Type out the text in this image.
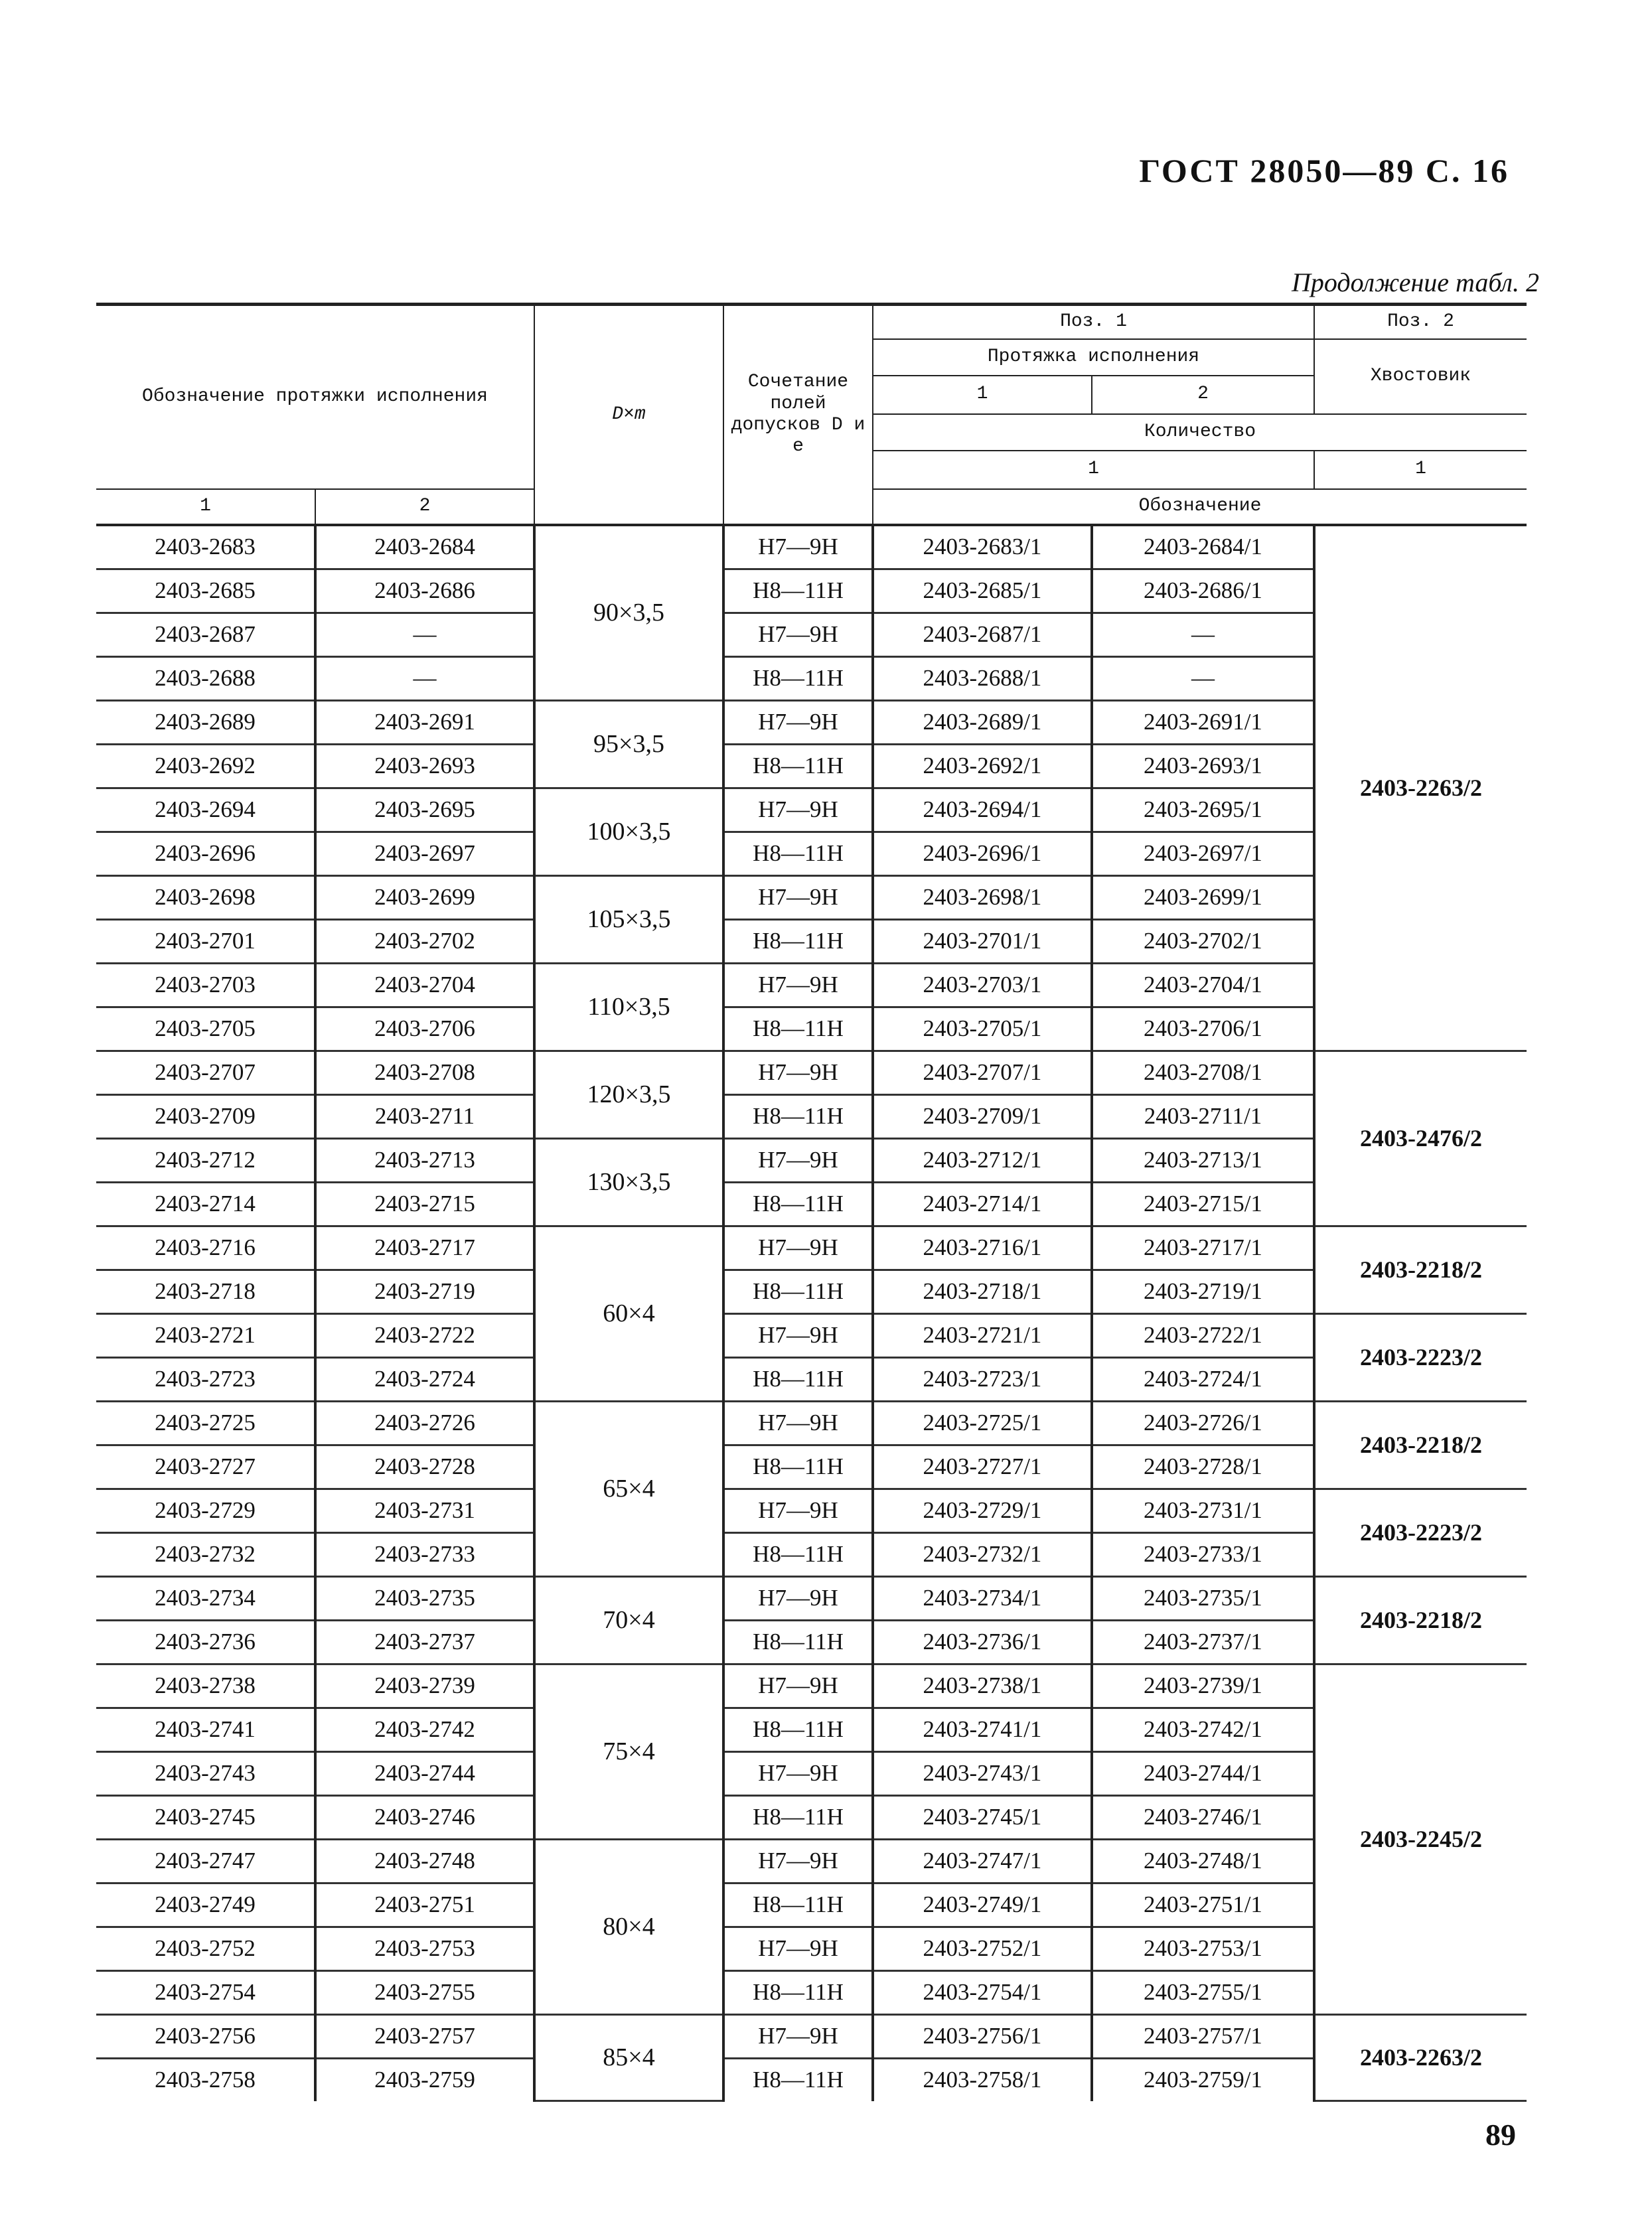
ГОСТ 28050—89 С. 16
Продолжение табл. 2
Обозначение протяжки исполнения		D×m	Сочетание полей допусков D и e	Поз. 1		Поз. 2
				Протяжка исполнения		Хвостовик
				1	2	
				Количество		
				1		1
1	2			Обозначение		
2403-2683	2403-2684	90×3,5	H7—9H	2403-2683/1	2403-2684/1	2403-2263/2
2403-2685	2403-2686		H8—11H	2403-2685/1	2403-2686/1	
2403-2687	—		H7—9H	2403-2687/1	—	
2403-2688	—		H8—11H	2403-2688/1	—	
2403-2689	2403-2691	95×3,5	H7—9H	2403-2689/1	2403-2691/1	
2403-2692	2403-2693		H8—11H	2403-2692/1	2403-2693/1	
2403-2694	2403-2695	100×3,5	H7—9H	2403-2694/1	2403-2695/1	
2403-2696	2403-2697		H8—11H	2403-2696/1	2403-2697/1	
2403-2698	2403-2699	105×3,5	H7—9H	2403-2698/1	2403-2699/1	
2403-2701	2403-2702		H8—11H	2403-2701/1	2403-2702/1	
2403-2703	2403-2704	110×3,5	H7—9H	2403-2703/1	2403-2704/1	
2403-2705	2403-2706		H8—11H	2403-2705/1	2403-2706/1	
2403-2707	2403-2708	120×3,5	H7—9H	2403-2707/1	2403-2708/1	2403-2476/2
2403-2709	2403-2711		H8—11H	2403-2709/1	2403-2711/1	
2403-2712	2403-2713	130×3,5	H7—9H	2403-2712/1	2403-2713/1	
2403-2714	2403-2715		H8—11H	2403-2714/1	2403-2715/1	
2403-2716	2403-2717	60×4	H7—9H	2403-2716/1	2403-2717/1	2403-2218/2
2403-2718	2403-2719		H8—11H	2403-2718/1	2403-2719/1	
2403-2721	2403-2722		H7—9H	2403-2721/1	2403-2722/1	2403-2223/2
2403-2723	2403-2724		H8—11H	2403-2723/1	2403-2724/1	
2403-2725	2403-2726	65×4	H7—9H	2403-2725/1	2403-2726/1	2403-2218/2
2403-2727	2403-2728		H8—11H	2403-2727/1	2403-2728/1	
2403-2729	2403-2731		H7—9H	2403-2729/1	2403-2731/1	2403-2223/2
2403-2732	2403-2733		H8—11H	2403-2732/1	2403-2733/1	
2403-2734	2403-2735	70×4	H7—9H	2403-2734/1	2403-2735/1	2403-2218/2
2403-2736	2403-2737		H8—11H	2403-2736/1	2403-2737/1	
2403-2738	2403-2739	75×4	H7—9H	2403-2738/1	2403-2739/1	2403-2245/2
2403-2741	2403-2742		H8—11H	2403-2741/1	2403-2742/1	
2403-2743	2403-2744		H7—9H	2403-2743/1	2403-2744/1	
2403-2745	2403-2746		H8—11H	2403-2745/1	2403-2746/1	
2403-2747	2403-2748	80×4	H7—9H	2403-2747/1	2403-2748/1	
2403-2749	2403-2751		H8—11H	2403-2749/1	2403-2751/1	
2403-2752	2403-2753		H7—9H	2403-2752/1	2403-2753/1	
2403-2754	2403-2755		H8—11H	2403-2754/1	2403-2755/1	
2403-2756	2403-2757	85×4	H7—9H	2403-2756/1	2403-2757/1	2403-2263/2
2403-2758	2403-2759		H8—11H	2403-2758/1	2403-2759/1	
89
